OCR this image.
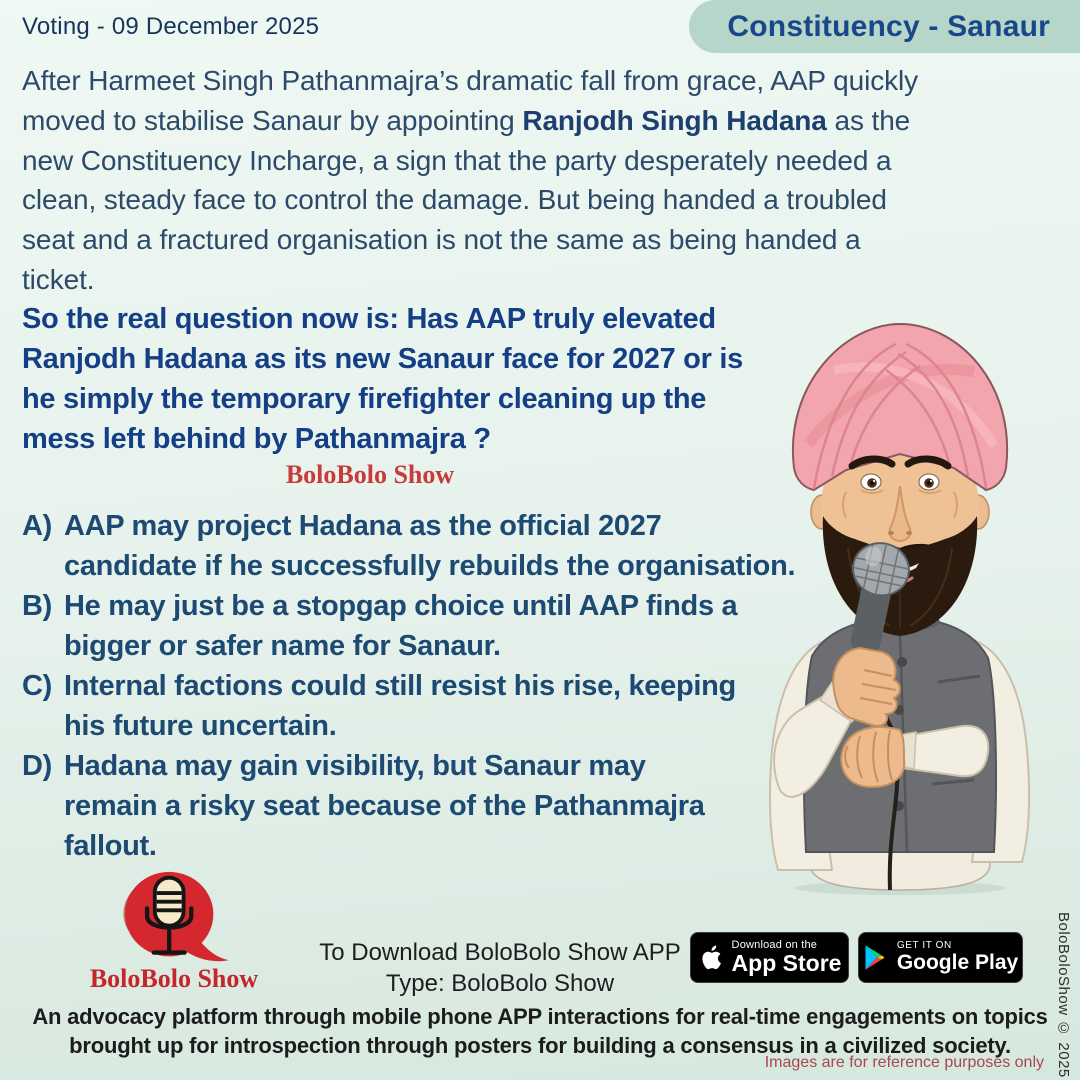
Voting - 09 December 2025	Constituency - Sanaur

After Harmeet Singh Pathanmajra’s dramatic fall from grace, AAP quickly
moved to stabilise Sanaur by appointing Ranjodh Singh Hadana as the
new Constituency Incharge, a sign that the party desperately needed a
clean, steady face to control the damage. But being handed a troubled
seat and a fractured organisation is not the same as being handed a
ticket.

So the real question now is: Has AAP truly elevated
Ranjodh Hadana as its new Sanaur face for 2027 or is
he simply the temporary firefighter cleaning up the
mess left behind by Pathanmajra ?
BoloBolo Show
A) AAP may project Hadana as the official 2027
candidate if he successfully rebuilds the organisation.
B) He may just be a stopgap choice until AAP finds a
bigger or safer name for Sanaur.
C) Internal factions could still resist his rise, keeping
his future uncertain.
D) Hadana may gain visibility, but Sanaur may
remain a risky seat because of the Pathanmajra
fallout.
BoloBolo Show
To Download BoloBolo Show APP
Type: BoloBolo Show
Download on the
App Store
GET IT ON
Google Play
An advocacy platform through mobile phone APP interactions for real-time engagements on topics
brought up for introspection through posters for building a consensus in a civilized society.	BoloBoloShow © 2025
Images are for reference purposes only
